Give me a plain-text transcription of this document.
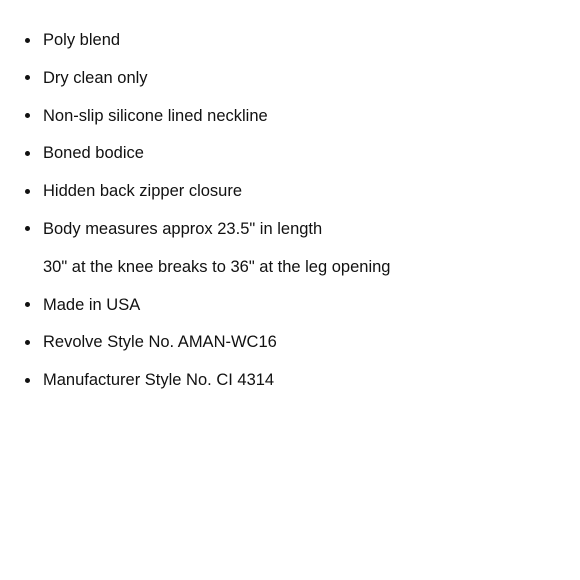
Poly blend
Dry clean only
Non-slip silicone lined neckline
Boned bodice
Hidden back zipper closure
Body measures approx 23.5" in length
30" at the knee breaks to 36" at the leg opening
Made in USA
Revolve Style No. AMAN-WC16
Manufacturer Style No. CI 4314
